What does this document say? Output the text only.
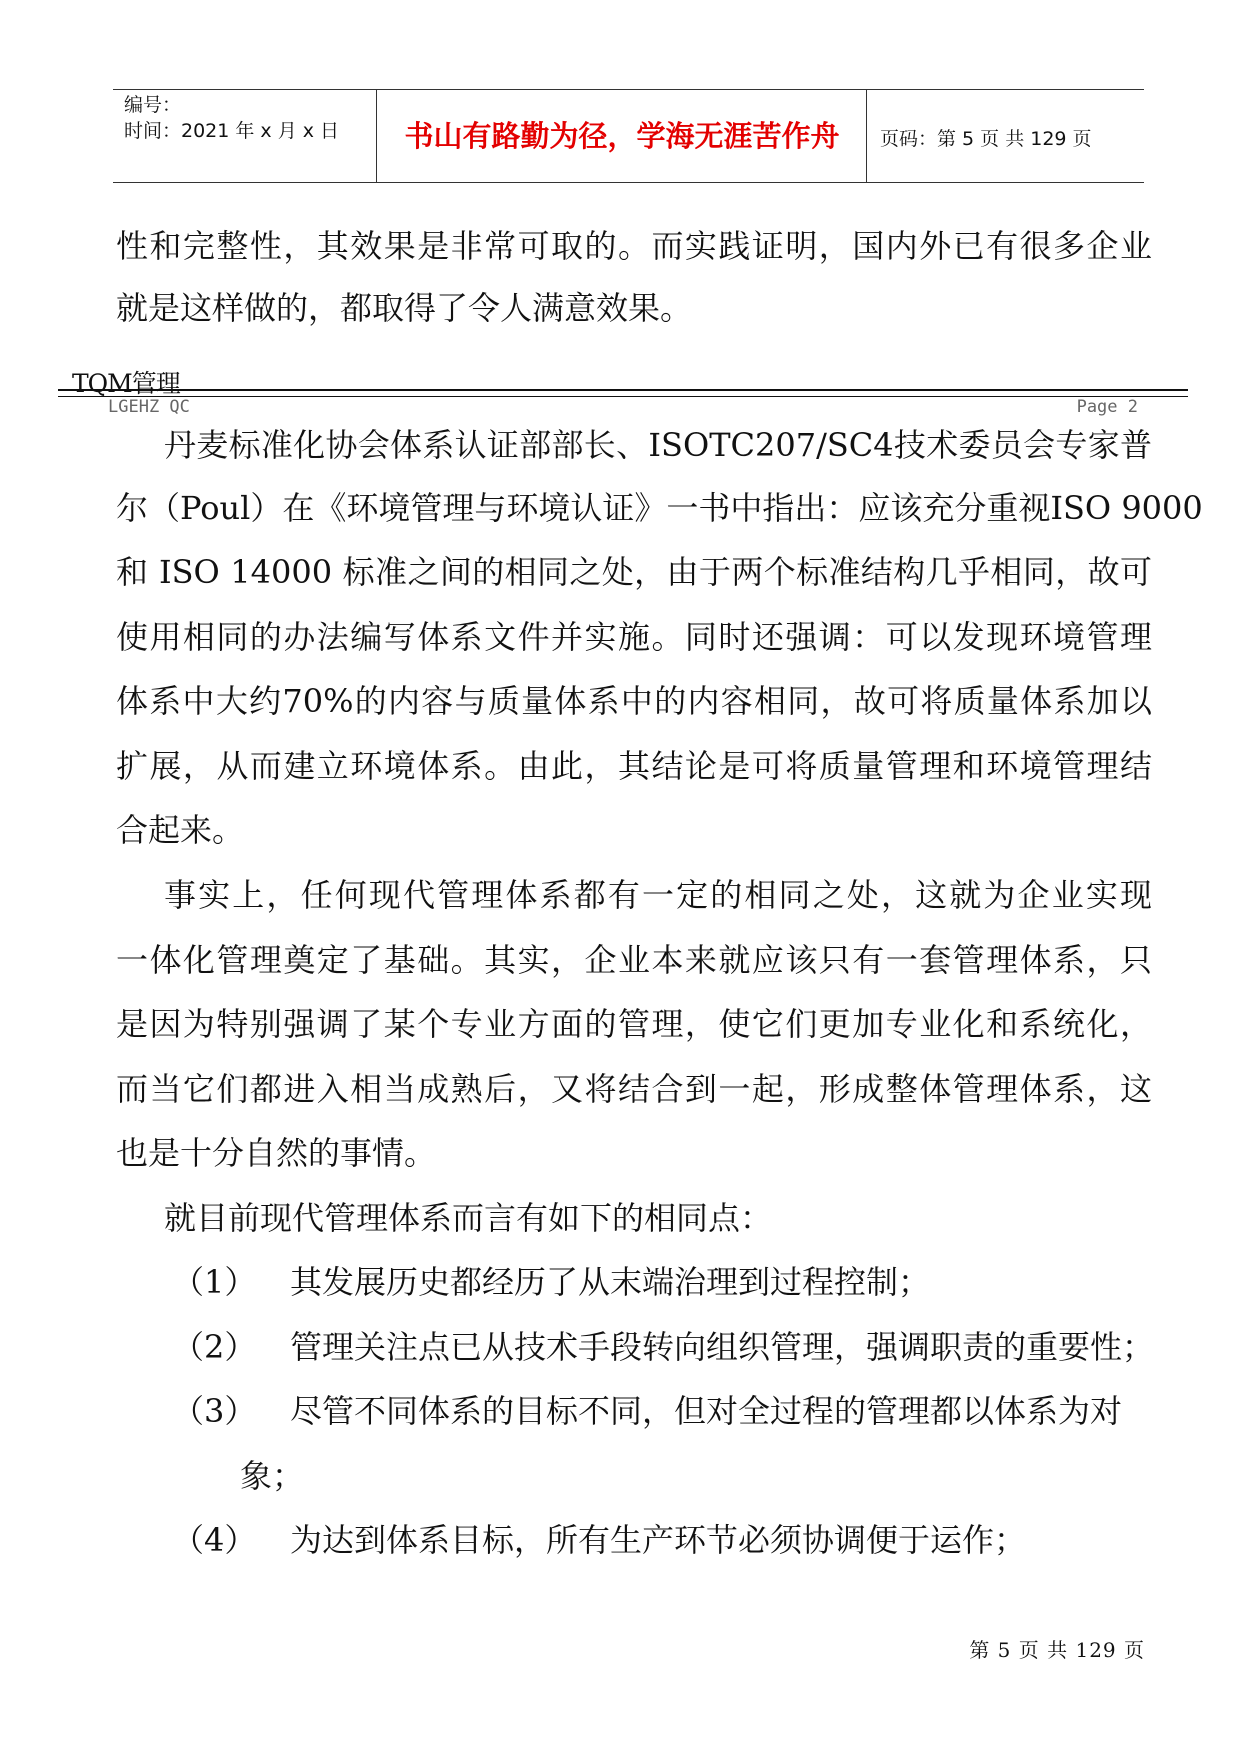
编号：
时间：2021 年 x 月 x 日	书山有路勤为径，学海无涯苦作舟	页码：第 5 页 共 129 页
性和完整性，其效果是非常可取的。而实践证明，国内外已有很多企业
就是这样做的，都取得了令人满意效果。
TQM管理
LGEHZ QC	Page 2
丹麦标准化协会体系认证部部长、ISOTC207/SC4技术委员会专家普
尔（Poul）在《环境管理与环境认证》一书中指出：应该充分重视ISO 9000
和 ISO 14000 标准之间的相同之处，由于两个标准结构几乎相同，故可
使用相同的办法编写体系文件并实施。同时还强调：可以发现环境管理
体系中大约70%的内容与质量体系中的内容相同，故可将质量体系加以
扩展，从而建立环境体系。由此，其结论是可将质量管理和环境管理结
合起来。
事实上，任何现代管理体系都有一定的相同之处，这就为企业实现
一体化管理奠定了基础。其实，企业本来就应该只有一套管理体系，只
是因为特别强调了某个专业方面的管理，使它们更加专业化和系统化，
而当它们都进入相当成熟后，又将结合到一起，形成整体管理体系，这
也是十分自然的事情。
就目前现代管理体系而言有如下的相同点：
（1） 其发展历史都经历了从末端治理到过程控制；
（2） 管理关注点已从技术手段转向组织管理，强调职责的重要性；
（3） 尽管不同体系的目标不同，但对全过程的管理都以体系为对
象；
（4） 为达到体系目标，所有生产环节必须协调便于运作；
第 5 页 共 129 页
